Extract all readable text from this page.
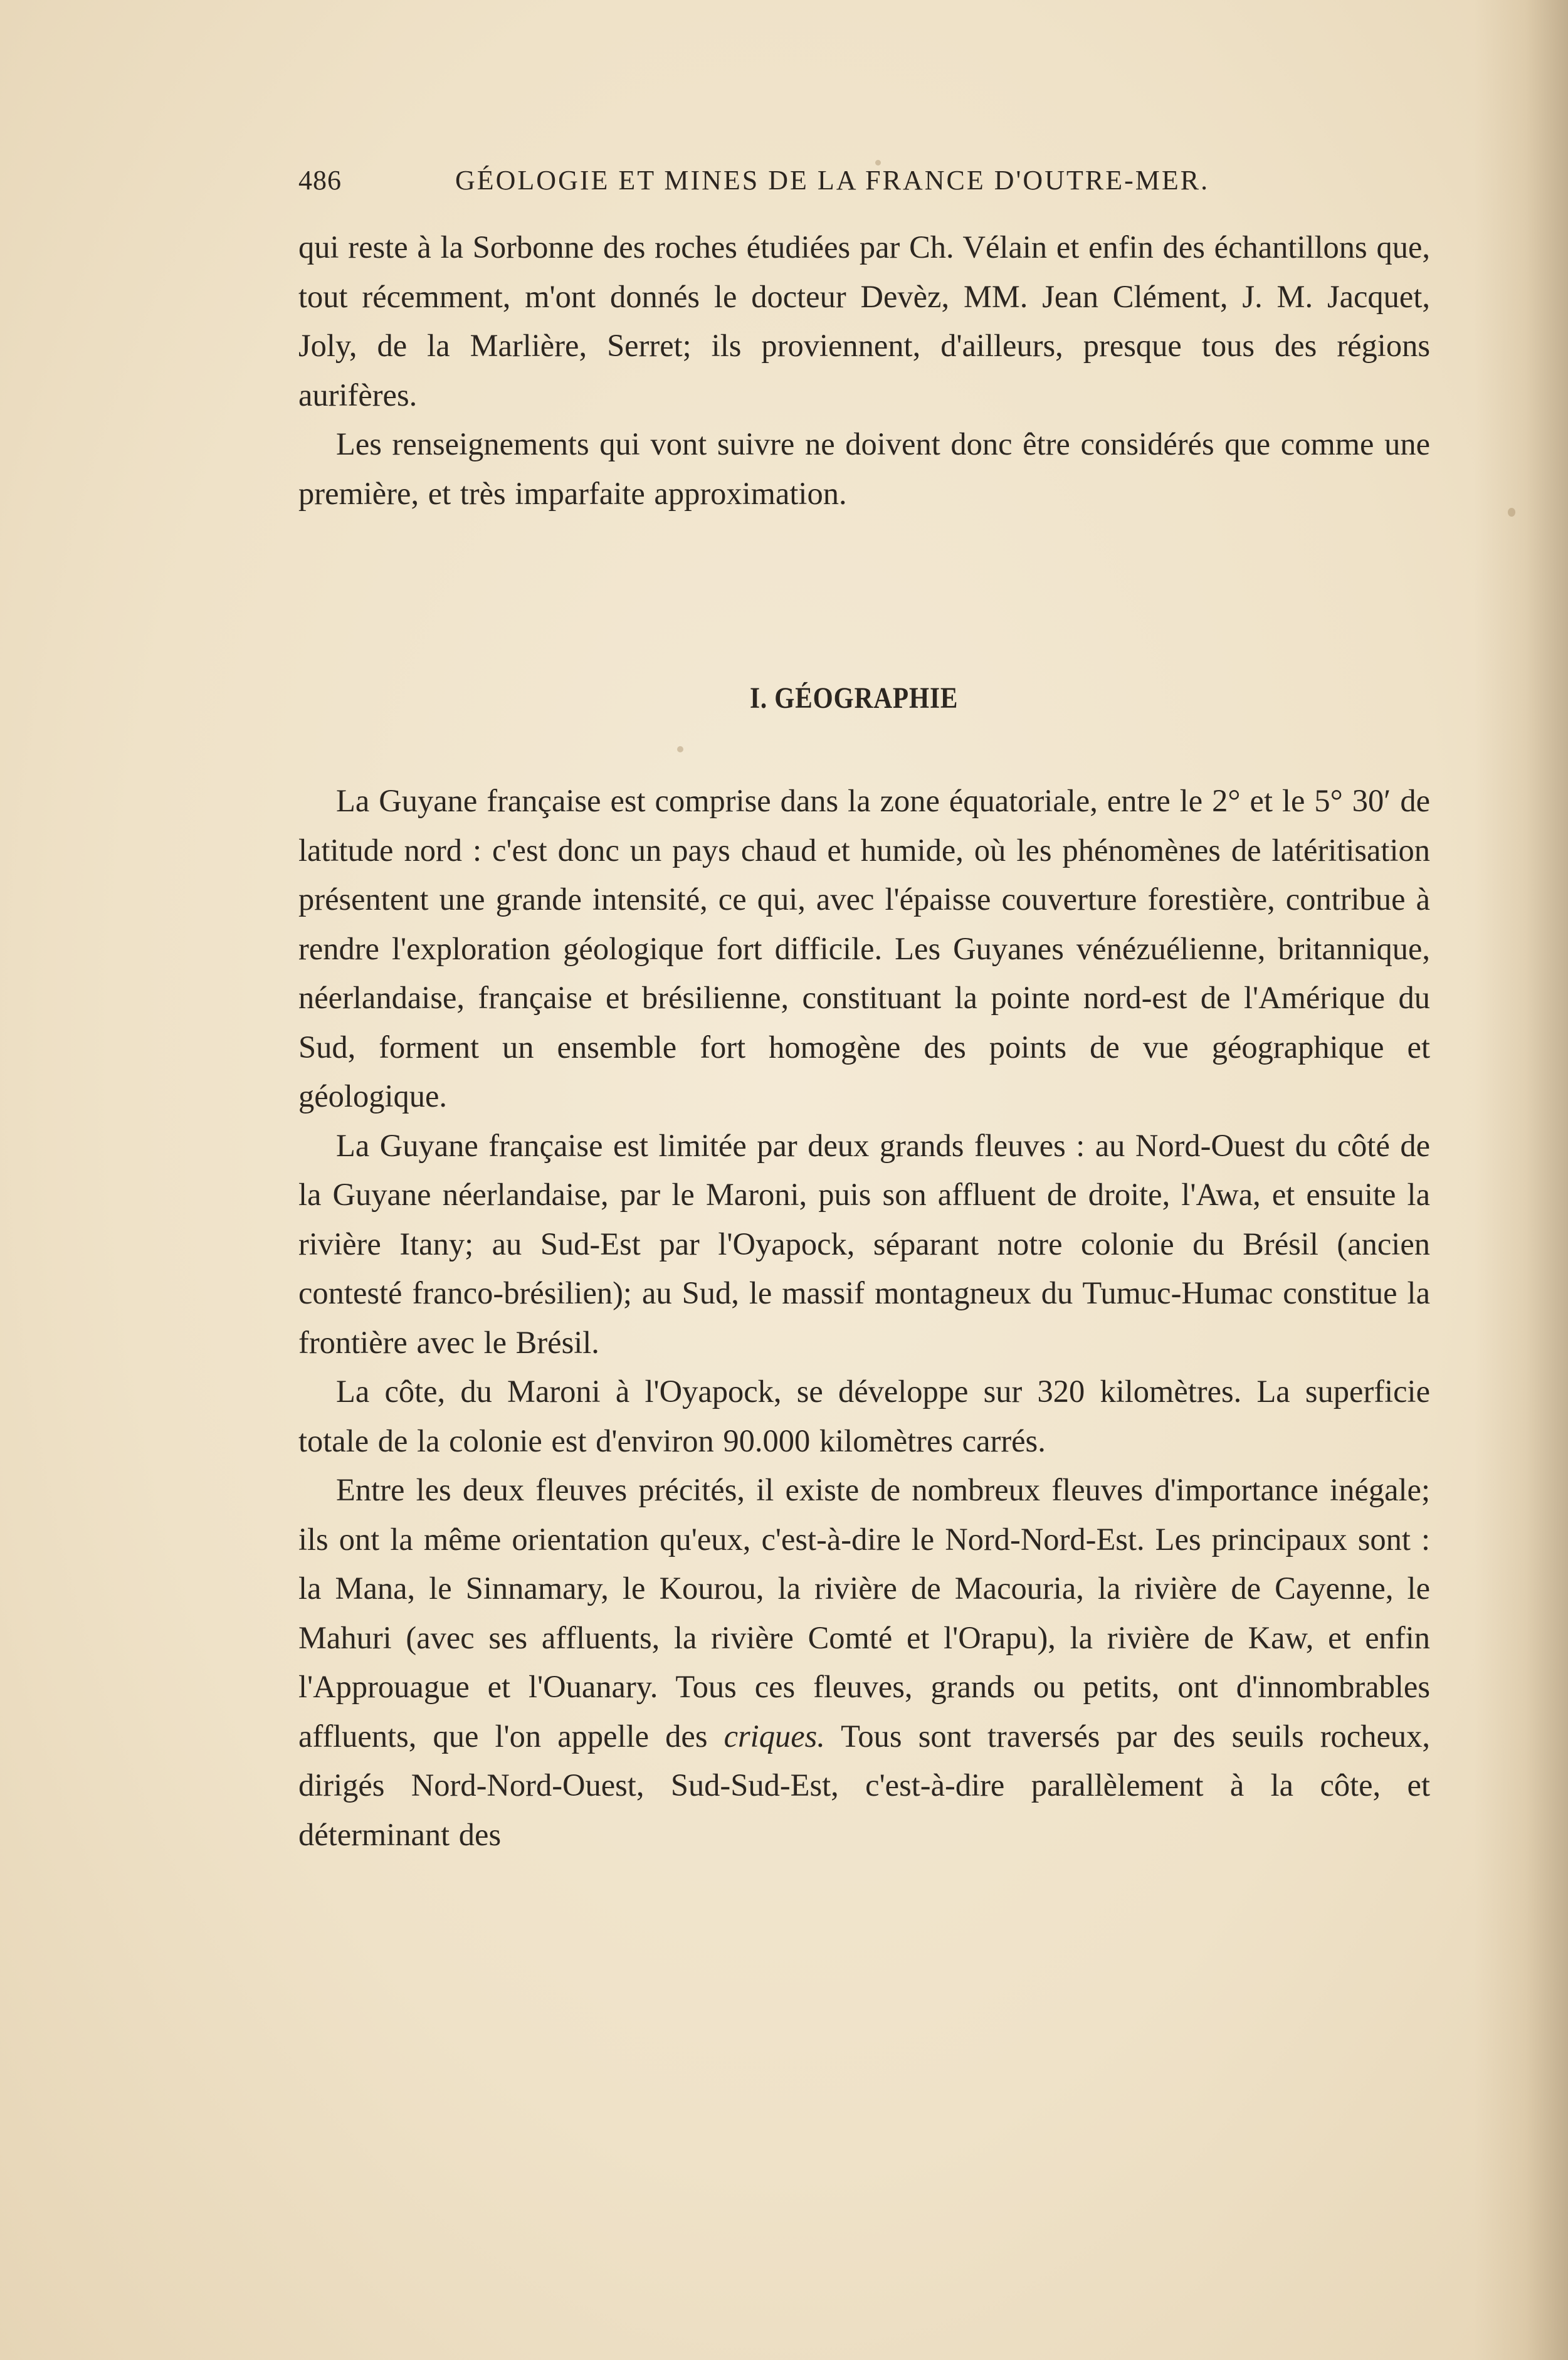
486	GÉOLOGIE ET MINES DE LA FRANCE D'OUTRE-MER.

qui reste à la Sorbonne des roches étudiées par Ch. Vélain et enfin des échantillons que, tout récemment, m'ont donnés le docteur Devèz, MM. Jean Clément, J. M. Jacquet, Joly, de la Marlière, Serret; ils proviennent, d'ailleurs, presque tous des régions aurifères.

Les renseignements qui vont suivre ne doivent donc être considérés que comme une première, et très imparfaite approximation.

I. GÉOGRAPHIE

La Guyane française est comprise dans la zone équatoriale, entre le 2° et le 5° 30′ de latitude nord : c'est donc un pays chaud et humide, où les phénomènes de latéritisation présentent une grande intensité, ce qui, avec l'épaisse couverture forestière, contribue à rendre l'exploration géologique fort difficile. Les Guyanes vénézuélienne, britannique, néerlandaise, française et brésilienne, constituant la pointe nord-est de l'Amérique du Sud, forment un ensemble fort homogène des points de vue géographique et géologique.

La Guyane française est limitée par deux grands fleuves : au Nord-Ouest du côté de la Guyane néerlandaise, par le Maroni, puis son affluent de droite, l'Awa, et ensuite la rivière Itany; au Sud-Est par l'Oyapock, séparant notre colonie du Brésil (ancien contesté franco-brésilien); au Sud, le massif montagneux du Tumuc-Humac constitue la frontière avec le Brésil.

La côte, du Maroni à l'Oyapock, se développe sur 320 kilomètres. La superficie totale de la colonie est d'environ 90.000 kilomètres carrés.

Entre les deux fleuves précités, il existe de nombreux fleuves d'importance inégale; ils ont la même orientation qu'eux, c'est-à-dire le Nord-Nord-Est. Les principaux sont : la Mana, le Sinnamary, le Kourou, la rivière de Macouria, la rivière de Cayenne, le Mahuri (avec ses affluents, la rivière Comté et l'Orapu), la rivière de Kaw, et enfin l'Approuague et l'Ouanary. Tous ces fleuves, grands ou petits, ont d'innombrables affluents, que l'on appelle des criques. Tous sont traversés par des seuils rocheux, dirigés Nord-Nord-Ouest, Sud-Sud-Est, c'est-à-dire parallèlement à la côte, et déterminant des
